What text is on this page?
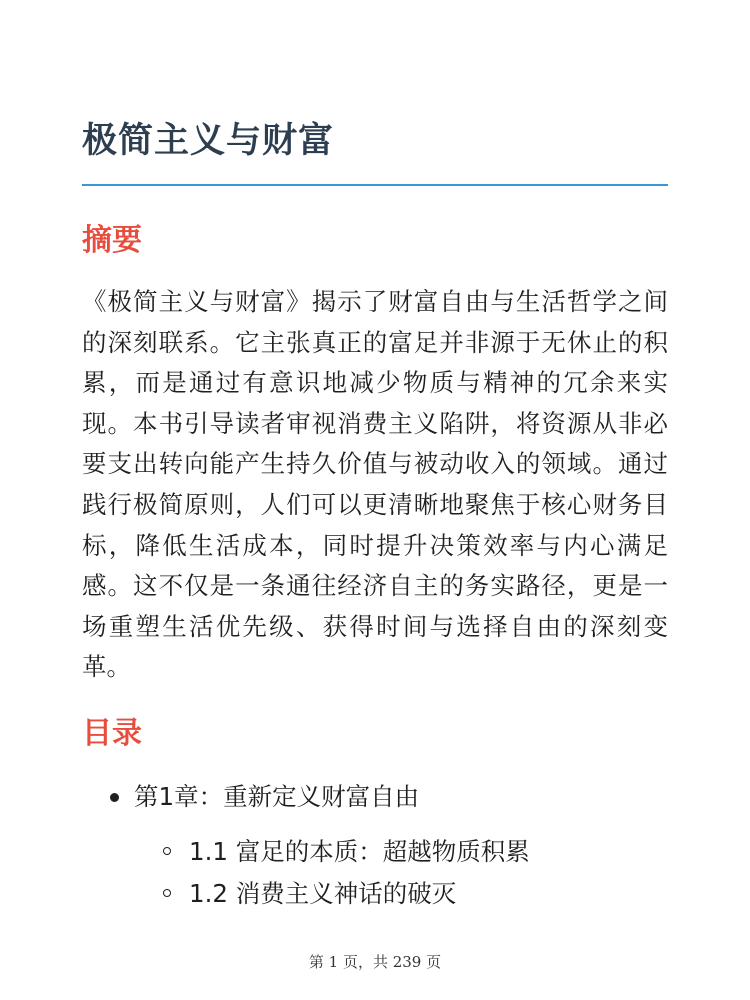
极简主义与财富
摘要

《极简主义与财富》揭示了财富自由与生活哲学之间的深刻联系。它主张真正的富足并非源于无休止的积累，而是通过有意识地减少物质与精神的冗余来实现。本书引导读者审视消费主义陷阱，将资源从非必要支出转向能产生持久价值与被动收入的领域。通过践行极简原则，人们可以更清晰地聚焦于核心财务目标，降低生活成本，同时提升决策效率与内心满足感。这不仅是一条通往经济自主的务实路径，更是一场重塑生活优先级、获得时间与选择自由的深刻变革。

目录
第1章：重新定义财富自由
1.1 富足的本质：超越物质积累
1.2 消费主义神话的破灭
第 1 页，共 239 页
